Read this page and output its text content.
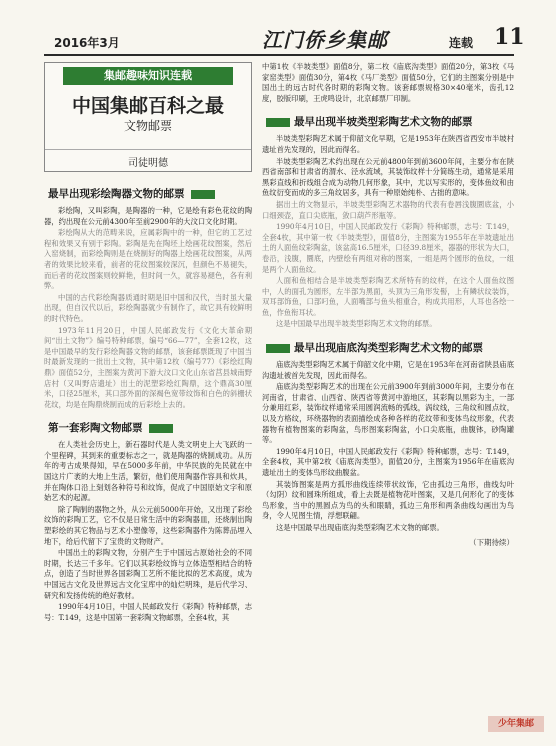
2016年3月	江门侨乡集邮	连载 11
集邮趣味知识连载
中国集邮百科之最
文物邮票
司徒明德
最早出现彩绘陶器文物的邮票

彩绘陶，又叫彩陶，是陶器的一种，它是绘有彩色花纹的陶器，约出现在公元前4300年至前2900年的大汶口文化时期。

彩绘陶从大的范畴来说，应属彩陶中的一种，但它的工艺过程和效果又有别于彩陶。彩陶是先在陶坯上绘画花纹图案，然后入窑烧制，而彩绘陶则是在烧制好的陶器上绘画花纹图案，从两者的效果比较来看，前者的花纹图案较深沉，但颜色不易褪失，而后者的花纹图案则较鲜艳，但时间一久，就容易褪色，各有利弊。

中国的古代彩绘陶器质通时期是旧中国和汉代，当时虽大量出现，但自汉代以后，彩绘陶器就少有制作了，故它具有较鲜明的时代特色。

1973年11月20日，中国人民邮政发行《文化大革命期间“出土文物”》编号特种邮票，编号“66—77”，全套12枚，这是中国最早的发行彩绘陶器文物的邮票，该套邮票既现了中国当时最新发现的一批出土文物，其中第12枚（编号77）《彩绘红陶鼎》面值52分，主图案为黄河下游大汶口文化山东省莒县城南野店村（又叫野店遗址）出土的泥塑彩绘红陶鼎，这个鼎高30厘米，口径25厘米，其口部外面的深褐色宽带纹饰和白色的斜栅状花纹，均是在陶鼎烧制而成的后彩绘上去的。

第一套彩陶文物邮票

在人类社会历史上，新石器时代是人类文明史上大飞跃的一个里程碑，其到来的重要标志之一，就是陶器的烧制成功。从历年的考古成果得知，早在5000多年前，中华民族的先民就在中国这片广袤的大地上生活，繁衍，他们使用陶器作容具和炊具，并在陶体口沿上刻划各种符号和纹饰，促成了中国原始文字和原始艺术的起源。

除了陶制的器物之外，从公元前5000年开始，又出现了彩绘纹饰的彩陶工艺，它不仅是日常生活中的彩陶器皿，还烧制出陶塑彩绘的其它物品与艺术小塑像等，这些彩陶器件为陈葬品埋入地下，给后代留下了宝贵的文物财产。

中国出土的彩陶文物，分别产生于中国远古原始社会的不同时期，长达三千多年。它们以其彩绘纹饰与立体造型相结合的特点，创造了当时世界各国彩陶工艺所不能比拟的艺术高度，成为中国远古文化及世界远古文化宝库中的灿烂明珠，是后代学习、研究和发扬传统的绝好教材。

1990年4月10日，中国人民邮政发行《彩陶》特种邮票，志号：T.149，这是中国第一套彩陶文物邮票，全套4枚，其

中第1枚《半坡类型》面值8分，第二枚《庙底沟类型》面值20分，第3枚《马家窑类型》面值30分，第4枚《马厂类型》面值50分，它们的主图案分别是中国出土的远古时代各时期的彩陶文物。该套邮票规格30×40毫米，齿孔12度，胶版印刷，王虎鸣设计，北京邮票厂印制。

最早出现半坡类型彩陶艺术文物的邮票

半坡类型彩陶艺术属于仰韶文化早期，它是1953年在陕西省西安市半坡村遗址首先发现的，因此而得名。

半坡类型彩陶艺术约出现在公元前4800年到前3600年间，主要分布在陕西省南部和甘肃省的渭水、泾水流域，其装饰纹样十分简练生动，通常是采用黑彩直线和折线组合成为动物几何形象，其中，尤以写实形的，变体鱼纹和由鱼纹衍变而成的多三角纹居多，具有一种原始纯朴、古拙的意味。

据出土的文物显示，半坡类型彩陶艺术器物的代表有卷唇浅腹圜底盆，小口细颈壶，直口尖底瓶，敛口葫芦形瓶等。

1990年4月10日，中国人民邮政发行《彩陶》特种邮票，志号：T.149，全套4枚，其中第一枚《半坡类型》，面值8分，主图案为1955年在半坡遗址出土的人面鱼纹彩陶盆，该盆高16.5厘米，口径39.8厘米，器器的形状为大口，卷沿，浅腹，圜底，内壁绘有两组对称的图案，一组是两个圆形的鱼纹，一组是两个人面鱼纹。

人面和鱼相结合是半坡类型彩陶艺术所特有的纹样，在这个人面鱼纹图中，人的面孔为圆形，左半部为黑面，头顶为三角形发髻，上有鳞状纹装饰，双耳部饰鱼，口部叼鱼，人面嘴部与鱼头相重合，构成共用形，人耳也各绘一鱼，作鱼衔耳状。

这是中国最早出现半坡类型彩陶艺术文物的邮票。

最早出现庙底沟类型彩陶艺术文物的邮票

庙底沟类型彩陶艺术属于仰韶文化中期，它是在1953年在河南省陕县庙底沟遗址被首先发现，因此而得名。

庙底沟类型彩陶艺术的出现在公元前3900年到前3000年间，主要分布在河南省，甘肃省、山西省、陕西省等黄河中游地区，其彩陶以黑彩为主，一部分兼用红彩，装饰纹样通常采用圆润流畅的弧线，涡纹线，三角纹和圆点纹，以及方格纹，环绕器物的表面描绘成各种各样的花纹带和变体鸟纹形象，代表器物有植物图案的彩陶盆，鸟形图案彩陶盆，小口尖底瓶，曲腹钵，砂陶罐等。

1990年4月10日，中国人民邮政发行《彩陶》特种邮票，志号：T.149，全套4枚，其中第2枚《庙底沟类型》，面值20分，主图案为1956年在庙底沟遗址出土的变体鸟形纹曲腹盆。

其装饰图案是两方孤形曲线连续带状纹饰，它由孤边三角形，曲线勾叶（勾阴）纹和圆珠所组成，看上去既是植物花叶图案，又是几何形化了的变体鸟形象，当中的黑圆点为鸟的头和眼睛，孤边三角形和两条曲线勾画出为鸟身，令人见图生情，浮想联翩。

这是中国最早出现庙底沟类型彩陶艺术文物的邮票。

（下期待续）
少年集邮
